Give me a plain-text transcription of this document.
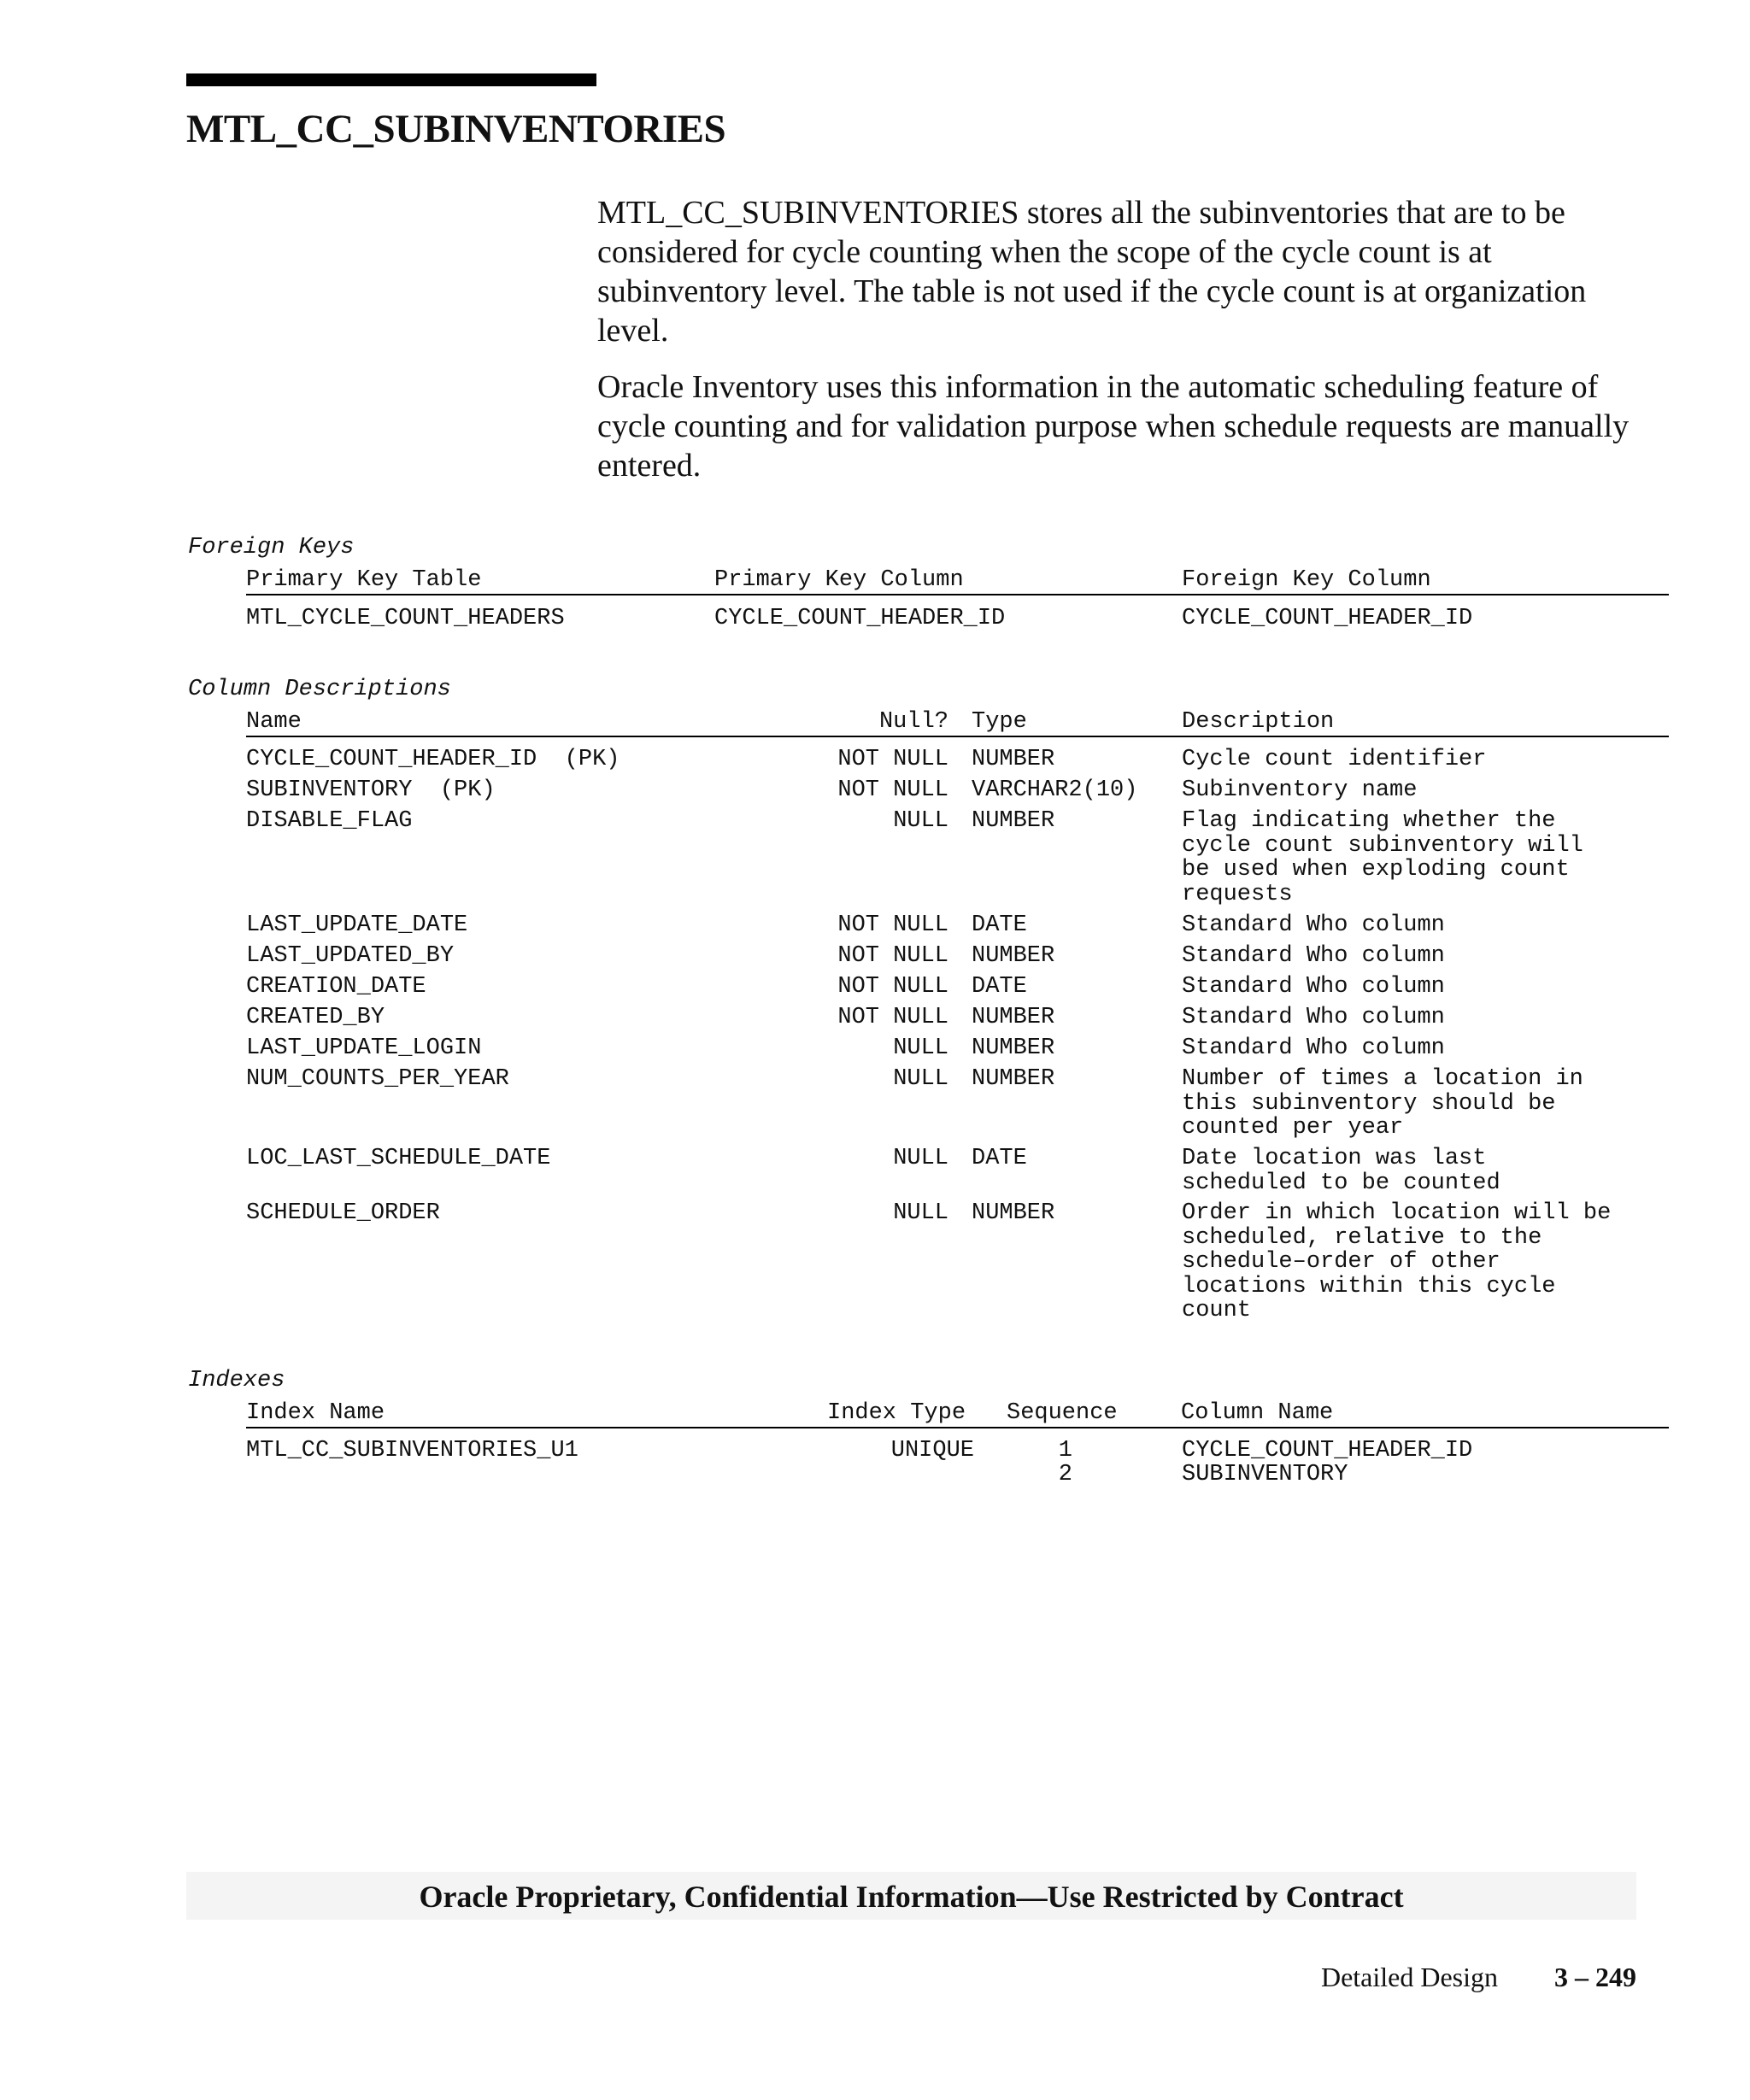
MTL_CC_SUBINVENTORIES

MTL_CC_SUBINVENTORIES stores all the subinventories that are to be considered for cycle counting when the scope of the cycle count is at subinventory level. The table is not used if the cycle count is at organization level.

Oracle Inventory uses this information in the automatic scheduling feature of cycle counting and for validation purpose when schedule requests are manually entered.

Foreign Keys
Primary Key Table	Primary Key Column	Foreign Key Column
MTL_CYCLE_COUNT_HEADERS	CYCLE_COUNT_HEADER_ID	CYCLE_COUNT_HEADER_ID
Column Descriptions
Name	Null? Type	Description
CYCLE_COUNT_HEADER_ID  (PK)	NOT NULL NUMBER	Cycle count identifier
SUBINVENTORY  (PK)	NOT NULL VARCHAR2(10) Subinventory name
DISABLE_FLAG	NULL NUMBER	Flag indicating whether the
cycle count subinventory will
be used when exploding count
requests
LAST_UPDATE_DATE	NOT NULL DATE	Standard Who column
LAST_UPDATED_BY	NOT NULL NUMBER	Standard Who column
CREATION_DATE	NOT NULL DATE	Standard Who column
CREATED_BY	NOT NULL NUMBER	Standard Who column
LAST_UPDATE_LOGIN	NULL NUMBER	Standard Who column
NUM_COUNTS_PER_YEAR	NULL NUMBER	Number of times a location in
this subinventory should be
counted per year
LOC_LAST_SCHEDULE_DATE	NULL DATE	Date location was last
scheduled to be counted
SCHEDULE_ORDER	NULL NUMBER	Order in which location will be
scheduled, relative to the
schedule–order of other
locations within this cycle
count
Indexes
Index Name	Index Type Sequence	Column Name
MTL_CC_SUBINVENTORIES_U1	UNIQUE	1	CYCLE_COUNT_HEADER_ID
2	SUBINVENTORY
Oracle Proprietary, Confidential Information––Use Restricted by Contract
Detailed Design 3 – 249
